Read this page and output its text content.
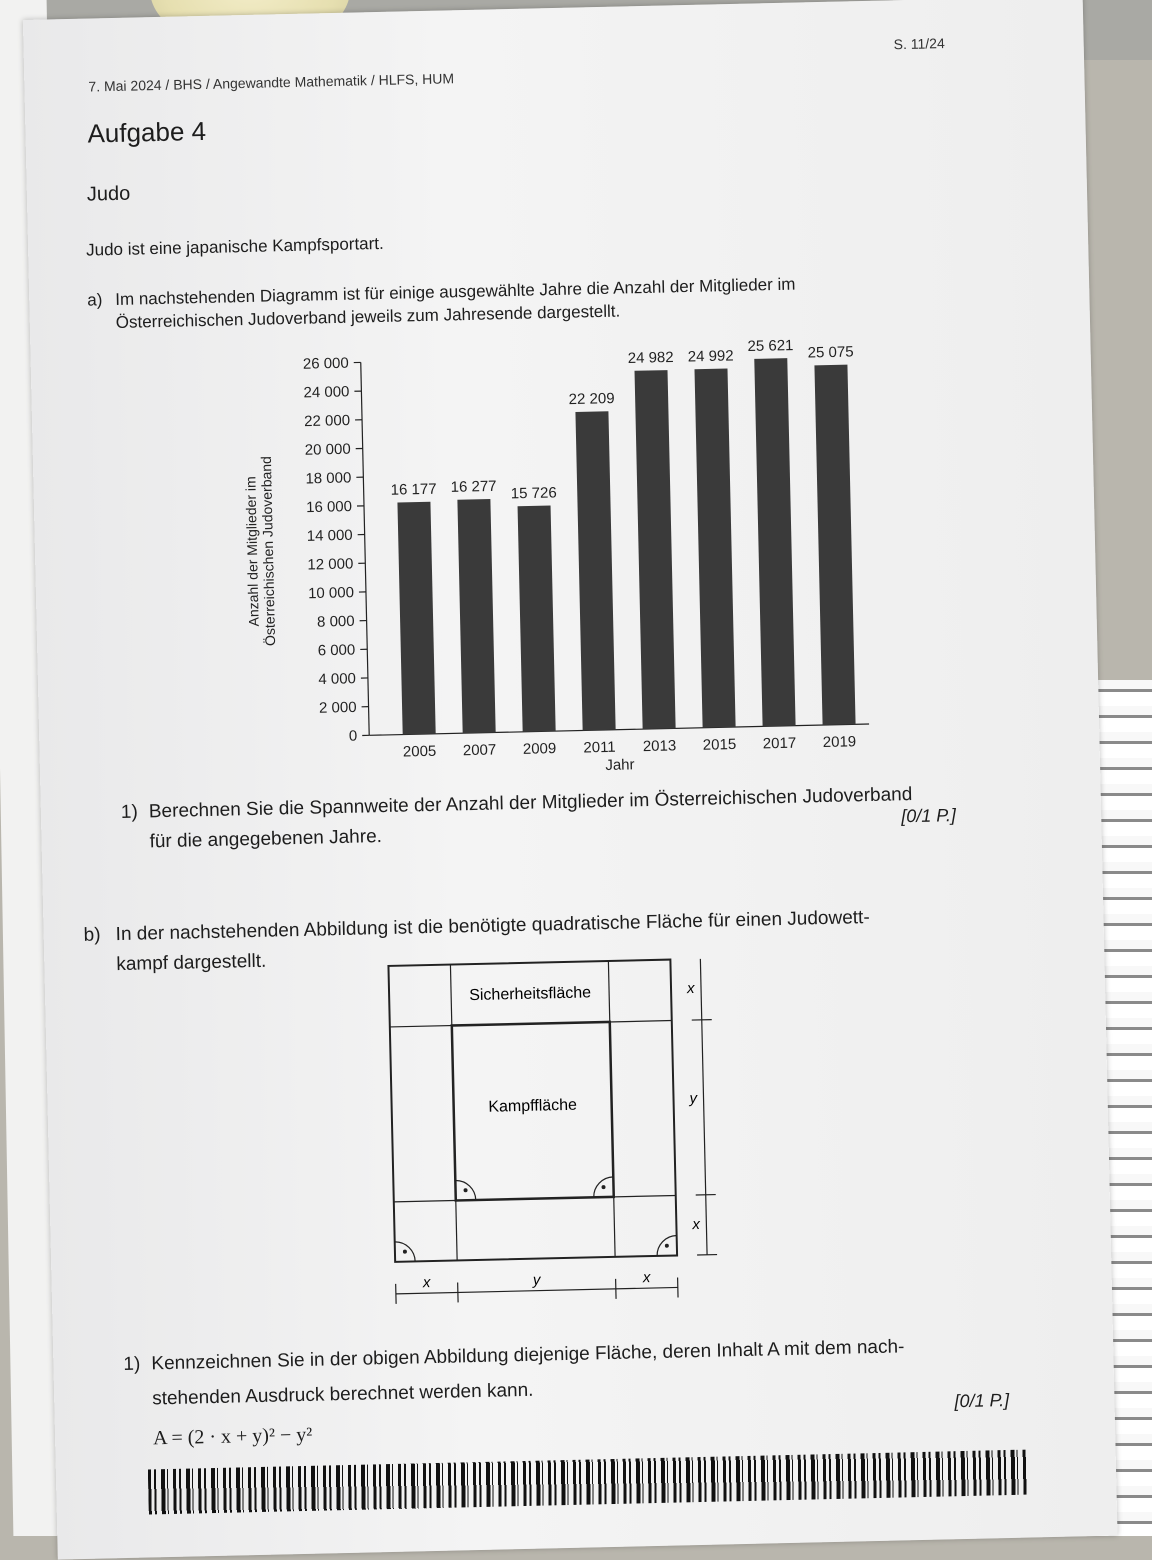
7. Mai 2024 / BHS / Angewandte Mathematik / HLFS, HUM
S. 11/24
Aufgabe 4
Judo
Judo ist eine japanische Kampfsportart.
a) Im nachstehenden Diagramm ist für einige ausgewählte Jahre die Anzahl der Mitglieder im
Österreichischen Judoverband jeweils zum Jahresende dargestellt.
0
2 000
4 000
6 000
8 000
10 000
12 000
14 000
16 000
18 000
20 000
22 000
24 000
26 000
Anzahl der Mitglieder im
Österreichischen Judoverband	16 177
2005
16 277
2007
15 726
2009
22 209
2011
24 982
2013
24 992
2015
25 621
2017
25 075
2019
Jahr
1) Berechnen Sie die Spannweite der Anzahl der Mitglieder im Österreichischen Judoverband
für die angegebenen Jahre.
[0/1 P.]
b) In der nachstehenden Abbildung ist die benötigte quadratische Fläche für einen Judowett-
kampf dargestellt.
Sicherheitsfläche
Kampffläche
x
y
x
x	y	x
1) Kennzeichnen Sie in der obigen Abbildung diejenige Fläche, deren Inhalt A mit dem nach-
stehenden Ausdruck berechnet werden kann.
A = (2 · x + y)² − y²
[0/1 P.]
